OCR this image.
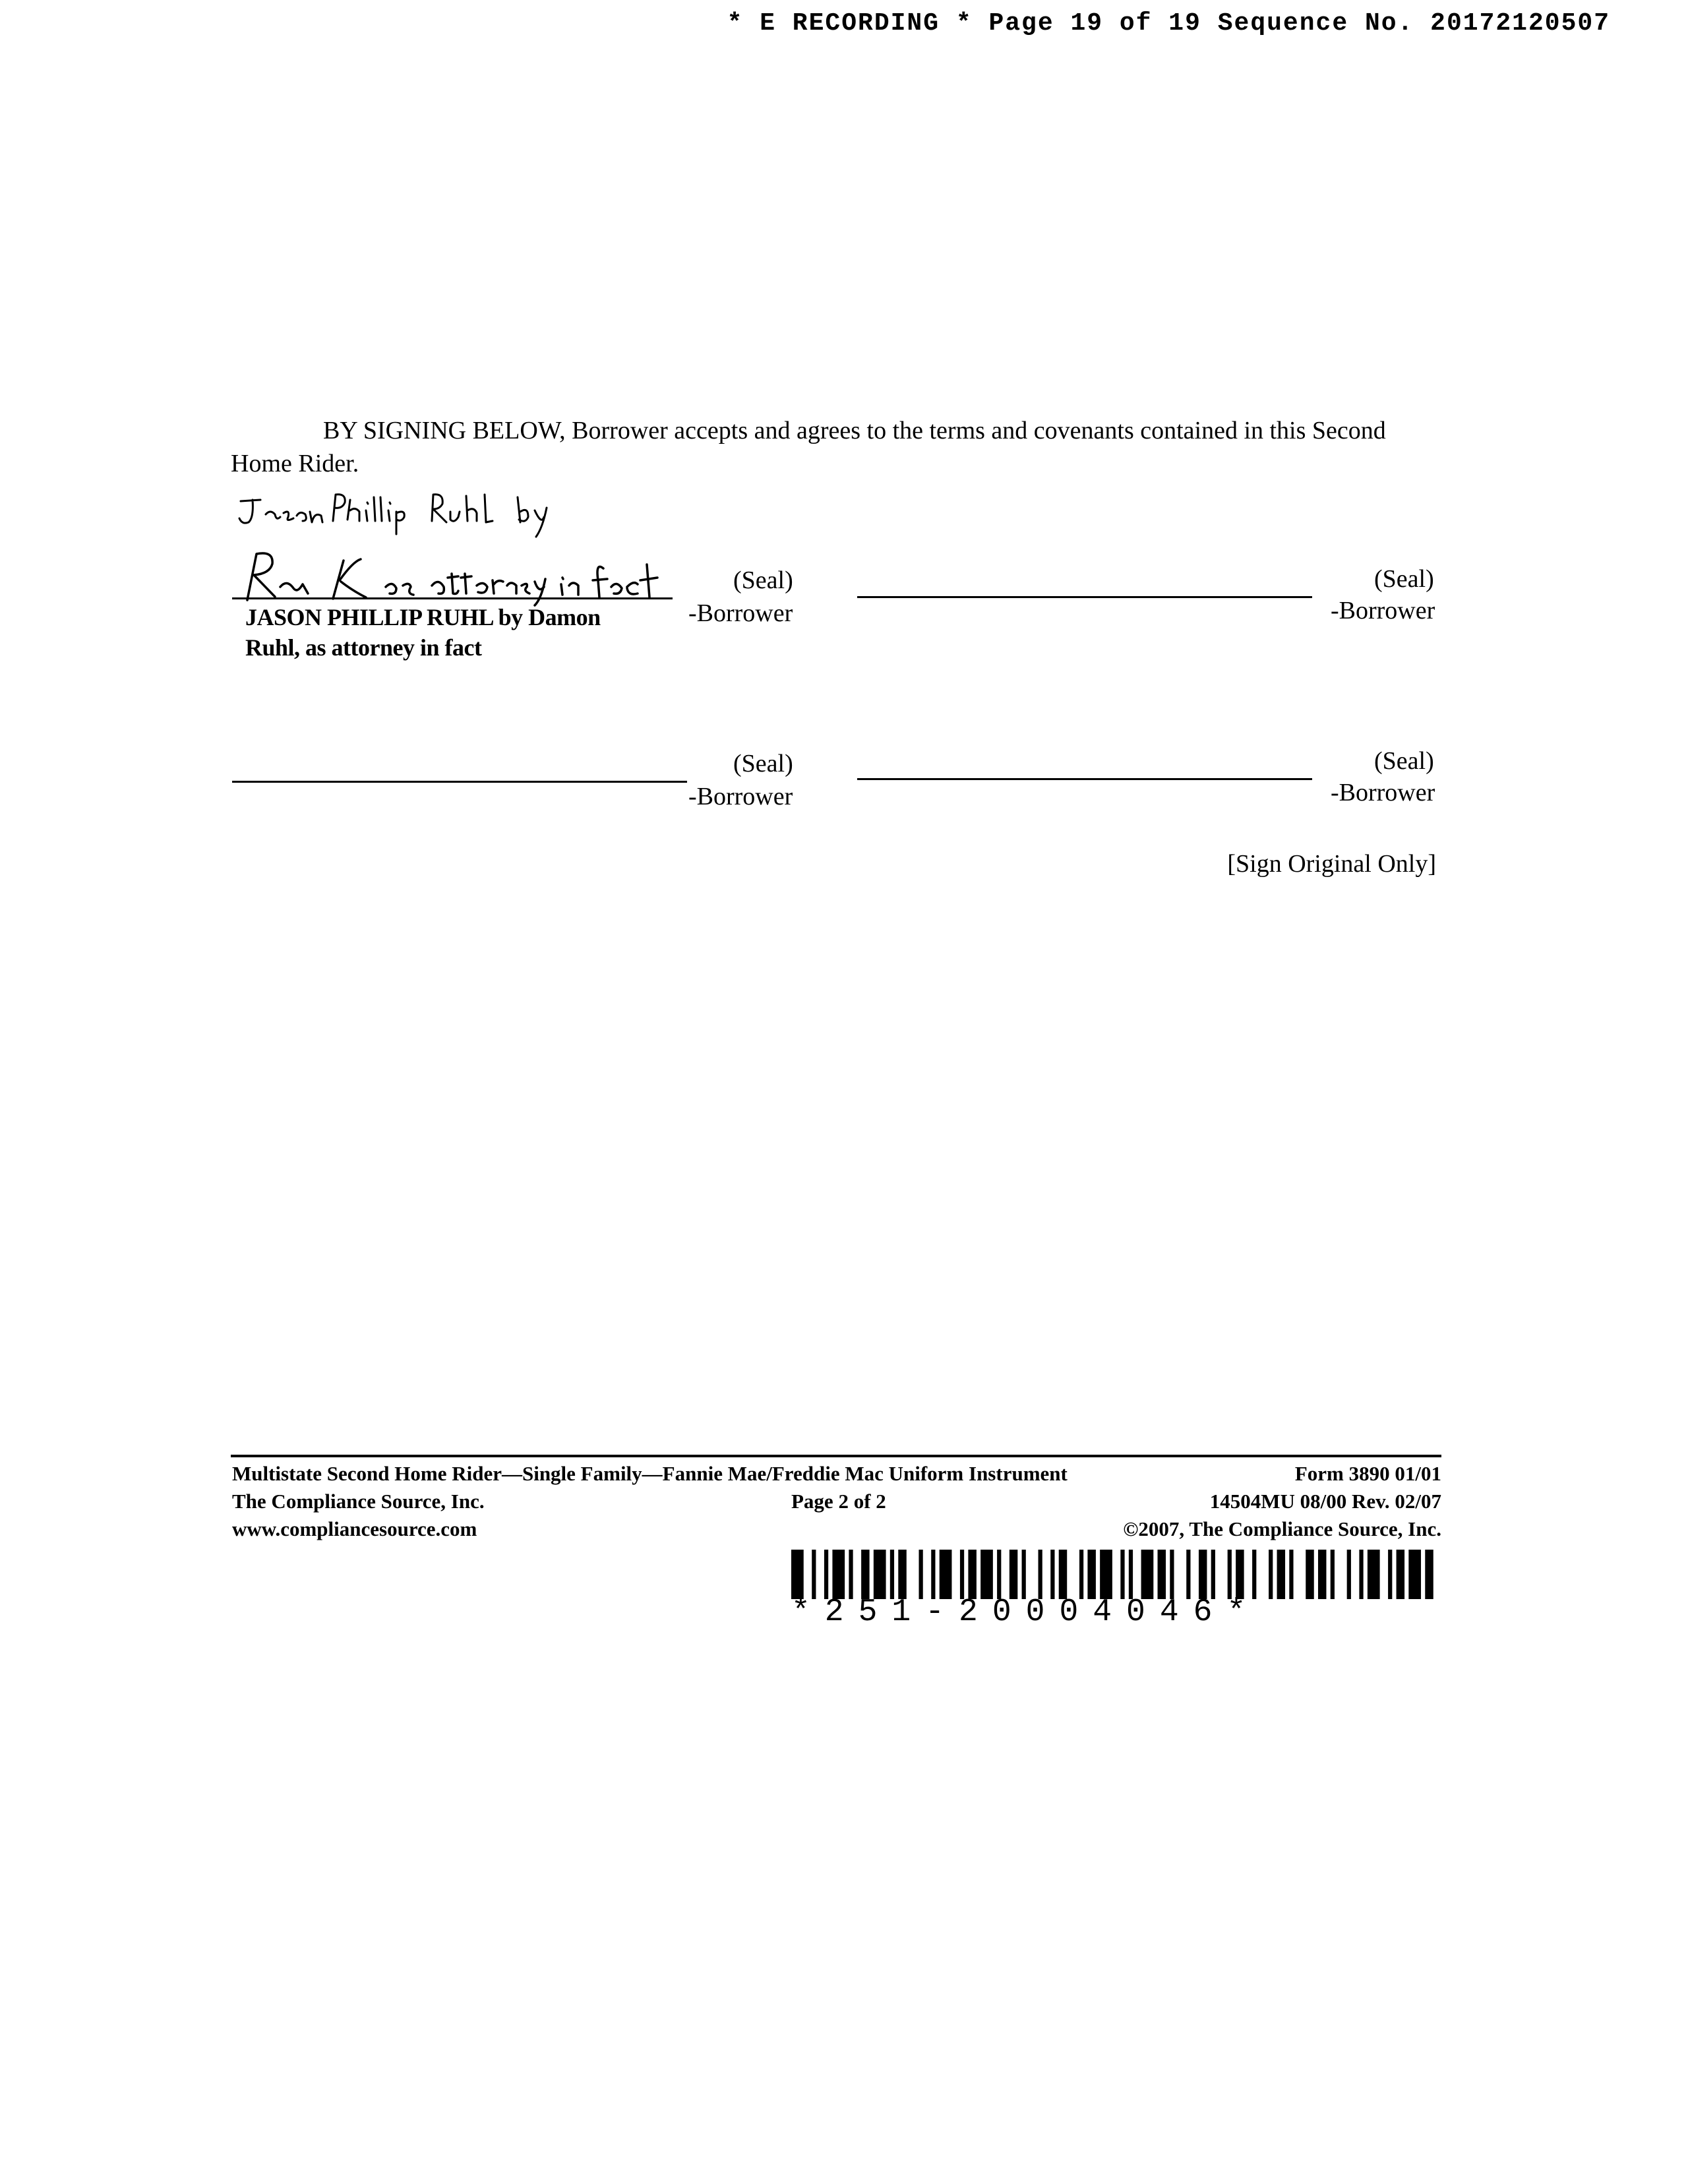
* E RECORDING * Page 19 of 19 Sequence No. 20172120507
BY SIGNING BELOW, Borrower accepts and agrees to the terms and covenants contained in this Second Home Rider.
(Seal)
-Borrower
JASON PHILLIP RUHL by Damon Ruhl, as attorney in fact
(Seal)
-Borrower
(Seal)
-Borrower
(Seal)
-Borrower
[Sign Original Only]
Multistate Second Home Rider—Single Family—Fannie Mae/Freddie Mac Uniform Instrument
The Compliance Source, Inc.
www.compliancesource.com
Page 2 of 2
Form 3890 01/01
14504MU 08/00 Rev. 02/07
©2007, The Compliance Source, Inc.
*251-20004046*
